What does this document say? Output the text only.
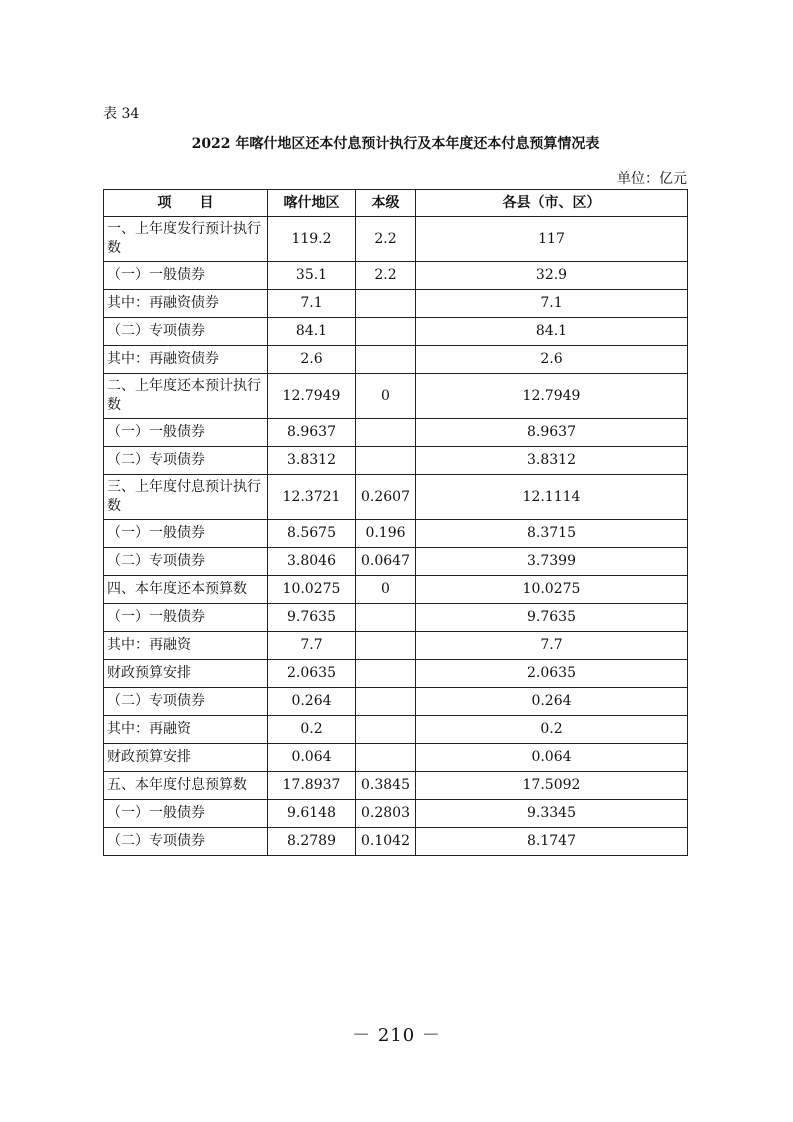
表 34
2022 年喀什地区还本付息预计执行及本年度还本付息预算情况表
单位：亿元
项　　目	喀什地区	本级	各县（市、区）
一、上年度发行预计执行数	119.2	2.2	117
（一）一般债券	35.1	2.2	32.9
其中：再融资债券	7.1		7.1
（二）专项债券	84.1		84.1
其中：再融资债券	2.6		2.6
二、上年度还本预计执行数	12.7949	0	12.7949
（一）一般债券	8.9637		8.9637
（二）专项债券	3.8312		3.8312
三、上年度付息预计执行数	12.3721	0.2607	12.1114
（一）一般债券	8.5675	0.196	8.3715
（二）专项债券	3.8046	0.0647	3.7399
四、本年度还本预算数	10.0275	0	10.0275
（一）一般债券	9.7635		9.7635
其中：再融资	7.7		7.7
财政预算安排	2.0635		2.0635
（二）专项债券	0.264		0.264
其中：再融资	0.2		0.2
财政预算安排	0.064		0.064
五、本年度付息预算数	17.8937	0.3845	17.5092
（一）一般债券	9.6148	0.2803	9.3345
（二）专项债券	8.2789	0.1042	8.1747
－ 210 －
